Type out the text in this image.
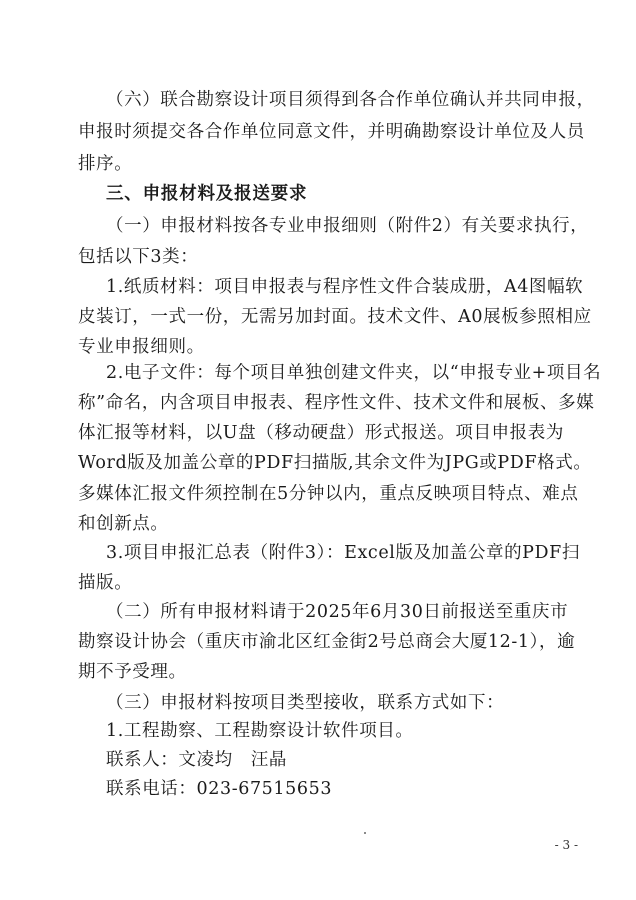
（六）联合勘察设计项目须得到各合作单位确认并共同申报，
申报时须提交各合作单位同意文件，并明确勘察设计单位及人员
排序。
三、申报材料及报送要求
（一）申报材料按各专业申报细则（附件2）有关要求执行，
包括以下3类：
1.纸质材料：项目申报表与程序性文件合装成册，A4图幅软
皮装订，一式一份，无需另加封面。技术文件、A0展板参照相应
专业申报细则。
2.电子文件：每个项目单独创建文件夹，以“申报专业+项目名
称”命名，内含项目申报表、程序性文件、技术文件和展板、多媒
体汇报等材料，以U盘（移动硬盘）形式报送。项目申报表为
Word版及加盖公章的PDF扫描版,其余文件为JPG或PDF格式。
多媒体汇报文件须控制在5分钟以内，重点反映项目特点、难点
和创新点。
3.项目申报汇总表（附件3）：Excel版及加盖公章的PDF扫
描版。
（二）所有申报材料请于2025年6月30日前报送至重庆市
勘察设计协会（重庆市渝北区红金街2号总商会大厦12-1），逾
期不予受理。
（三）申报材料按项目类型接收，联系方式如下：
1.工程勘察、工程勘察设计软件项目。
联系人：文凌均　汪晶
联系电话：023-67515653
- 3 -
